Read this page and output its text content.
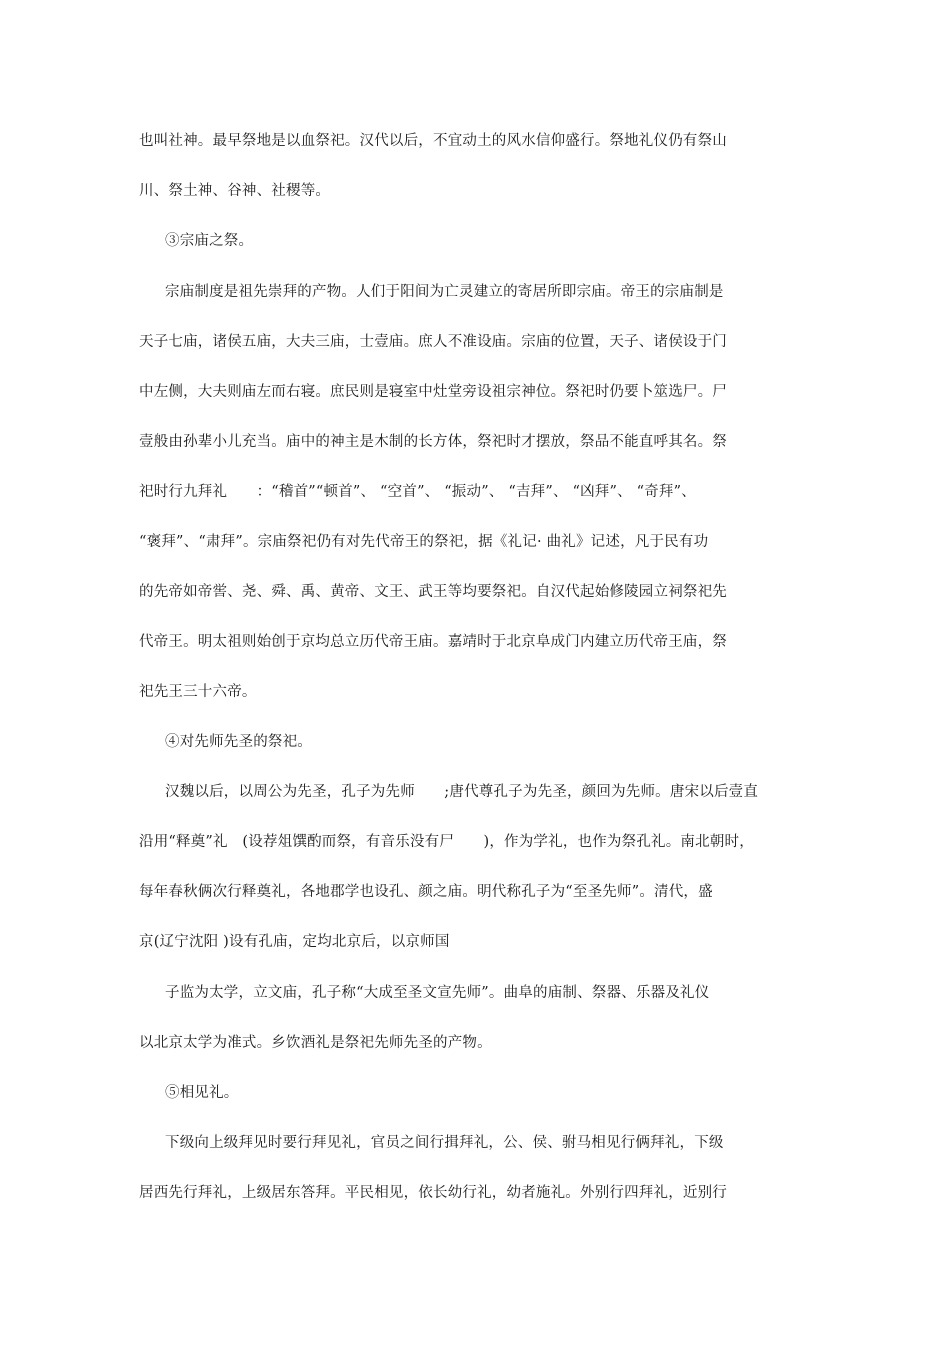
也叫社神。最早祭地是以血祭祀。汉代以后，不宜动土的风水信仰盛行。祭地礼仪仍有祭山
川、祭土神、谷神、社稷等。
③宗庙之祭。
宗庙制度是祖先崇拜的产物。人们于阳间为亡灵建立的寄居所即宗庙。帝王的宗庙制是
天子七庙，诸侯五庙，大夫三庙，士壹庙。庶人不准设庙。宗庙的位置，天子、诸侯设于门
中左侧，大夫则庙左而右寝。庶民则是寝室中灶堂旁设祖宗神位。祭祀时仍要卜筮选尸。尸
壹般由孙辈小儿充当。庙中的神主是木制的长方体，祭祀时才摆放，祭品不能直呼其名。祭
祀时行九拜礼　　：“稽首”“顿首”、 “空首”、 “振动”、 “吉拜”、 “凶拜”、 “奇拜”、
“褒拜”、“肃拜”。宗庙祭祀仍有对先代帝王的祭祀，据《礼记· 曲礼》记述，凡于民有功
的先帝如帝喾、尧、舜、禹、黄帝、文王、武王等均要祭祀。自汉代起始修陵园立祠祭祀先
代帝王。明太祖则始创于京均总立历代帝王庙。嘉靖时于北京阜成门内建立历代帝王庙，祭
祀先王三十六帝。
④对先师先圣的祭祀。
汉魏以后，以周公为先圣，孔子为先师　　;唐代尊孔子为先圣，颜回为先师。唐宋以后壹直
沿用“释奠”礼　(设荐俎馔酌而祭，有音乐没有尸　　)，作为学礼，也作为祭孔礼。南北朝时，
每年春秋俩次行释奠礼，各地郡学也设孔、颜之庙。明代称孔子为“至圣先师”。清代，盛
京(辽宁沈阳 )设有孔庙，定均北京后，以京师国
子监为太学，立文庙，孔子称“大成至圣文宣先师”。曲阜的庙制、祭器、乐器及礼仪
以北京太学为准式。乡饮酒礼是祭祀先师先圣的产物。
⑤相见礼。
下级向上级拜见时要行拜见礼，官员之间行揖拜礼，公、侯、驸马相见行俩拜礼，下级
居西先行拜礼，上级居东答拜。平民相见，依长幼行礼，幼者施礼。外别行四拜礼，近别行
